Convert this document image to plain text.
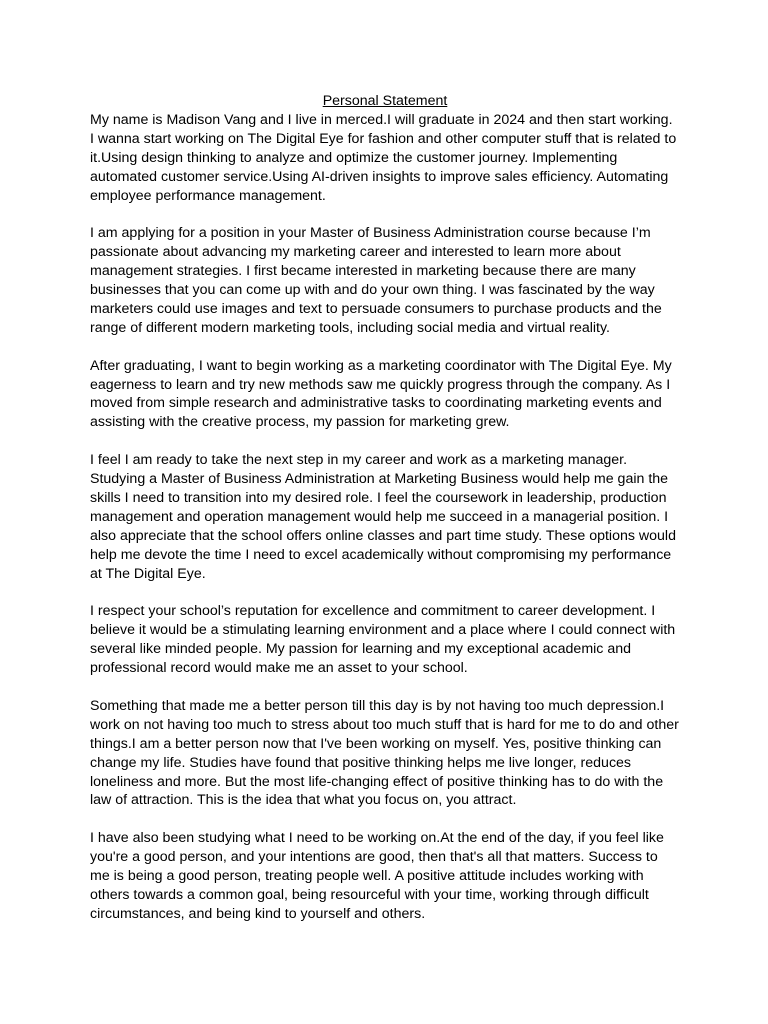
Personal Statement

My name is Madison Vang and I live in merced.I will graduate in 2024 and then start working. I wanna start working on The Digital Eye for fashion and other computer stuff that is related to it.Using design thinking to analyze and optimize the customer journey. Implementing automated customer service.Using AI-driven insights to improve sales efficiency. Automating employee performance management.

I am applying for a position in your Master of Business Administration course because I’m passionate about advancing my marketing career and interested to learn more about management strategies. I first became interested in marketing because there are many businesses that you can come up with and do your own thing. I was fascinated by the way marketers could use images and text to persuade consumers to purchase products and the range of different modern marketing tools, including social media and virtual reality.

After graduating, I want to begin working as a marketing coordinator with The Digital Eye. My eagerness to learn and try new methods saw me quickly progress through the company. As I moved from simple research and administrative tasks to coordinating marketing events and assisting with the creative process, my passion for marketing grew.

I feel I am ready to take the next step in my career and work as a marketing manager. Studying a Master of Business Administration at Marketing Business would help me gain the skills I need to transition into my desired role. I feel the coursework in leadership, production management and operation management would help me succeed in a managerial position. I also appreciate that the school offers online classes and part time study. These options would help me devote the time I need to excel academically without compromising my performance at The Digital Eye.

I respect your school’s reputation for excellence and commitment to career development. I believe it would be a stimulating learning environment and a place where I could connect with several like minded people. My passion for learning and my exceptional academic and professional record would make me an asset to your school.

Something that made me a better person till this day is by not having too much depression.I work on not having too much to stress about too much stuff that is hard for me to do and other things.I am a better person now that I've been working on myself. Yes, positive thinking can change my life. Studies have found that positive thinking helps me live longer, reduces loneliness and more. But the most life-changing effect of positive thinking has to do with the law of attraction. This is the idea that what you focus on, you attract.

I have also been studying what I need to be working on.At the end of the day, if you feel like you're a good person, and your intentions are good, then that's all that matters. Success to me is being a good person, treating people well. A positive attitude includes working with others towards a common goal, being resourceful with your time, working through difficult circumstances, and being kind to yourself and others.
